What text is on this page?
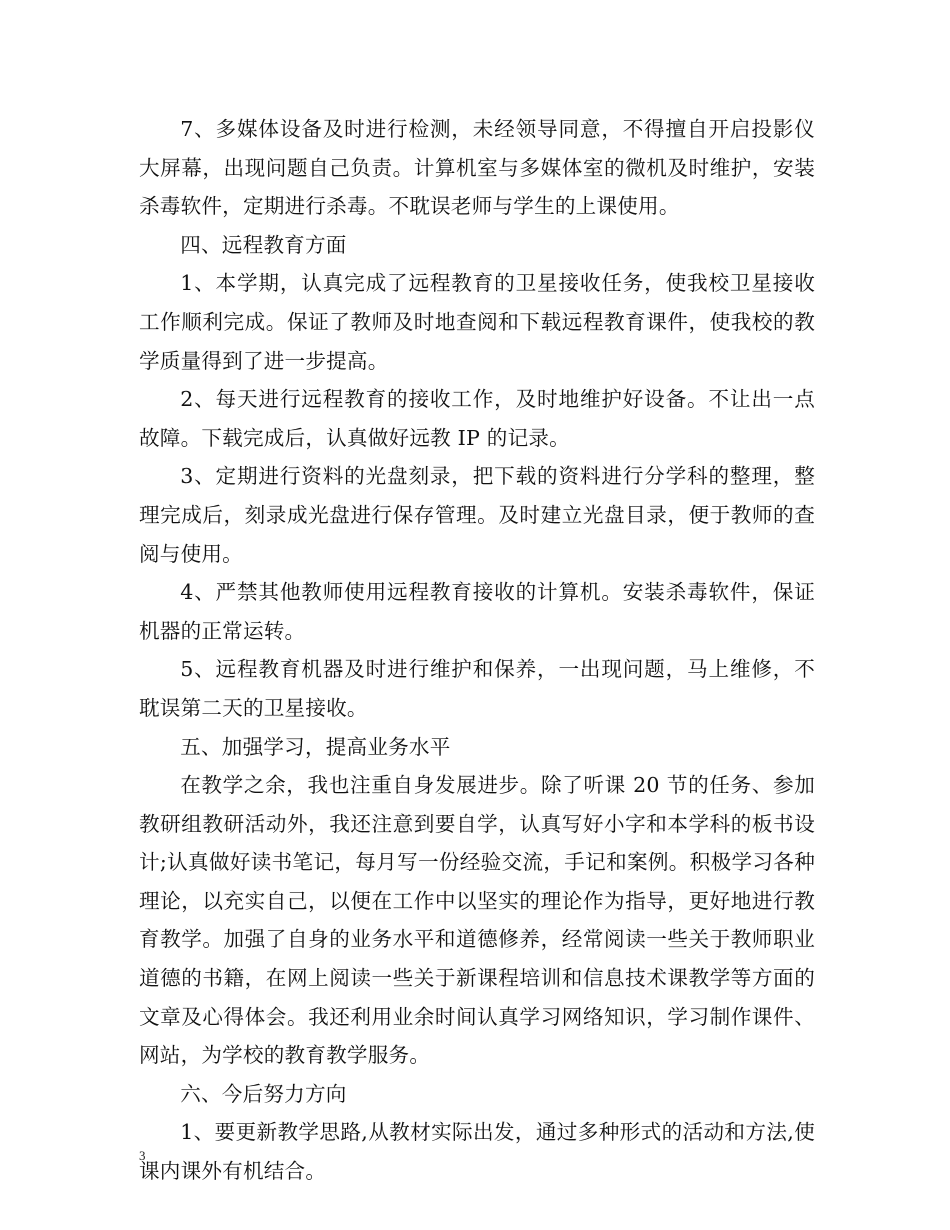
7、多媒体设备及时进行检测，未经领导同意，不得擅自开启投影仪大屏幕，出现问题自己负责。计算机室与多媒体室的微机及时维护，安装杀毒软件，定期进行杀毒。不耽误老师与学生的上课使用。

四、远程教育方面

1、本学期，认真完成了远程教育的卫星接收任务，使我校卫星接收工作顺利完成。保证了教师及时地查阅和下载远程教育课件，使我校的教学质量得到了进一步提高。

2、每天进行远程教育的接收工作，及时地维护好设备。不让出一点故障。下载完成后，认真做好远教 IP 的记录。

3、定期进行资料的光盘刻录，把下载的资料进行分学科的整理，整理完成后，刻录成光盘进行保存管理。及时建立光盘目录，便于教师的查阅与使用。

4、严禁其他教师使用远程教育接收的计算机。安装杀毒软件，保证机器的正常运转。

5、远程教育机器及时进行维护和保养，一出现问题，马上维修，不耽误第二天的卫星接收。

五、加强学习，提高业务水平

在教学之余，我也注重自身发展进步。除了听课 20 节的任务、参加教研组教研活动外，我还注意到要自学，认真写好小字和本学科的板书设计;认真做好读书笔记，每月写一份经验交流，手记和案例。积极学习各种理论，以充实自己，以便在工作中以坚实的理论作为指导，更好地进行教育教学。加强了自身的业务水平和道德修养，经常阅读一些关于教师职业道德的书籍，在网上阅读一些关于新课程培训和信息技术课教学等方面的文章及心得体会。我还利用业余时间认真学习网络知识，学习制作课件、网站，为学校的教育教学服务。

六、今后努力方向

1、要更新教学思路,从教材实际出发，通过多种形式的活动和方法,使课内课外有机结合。

3
